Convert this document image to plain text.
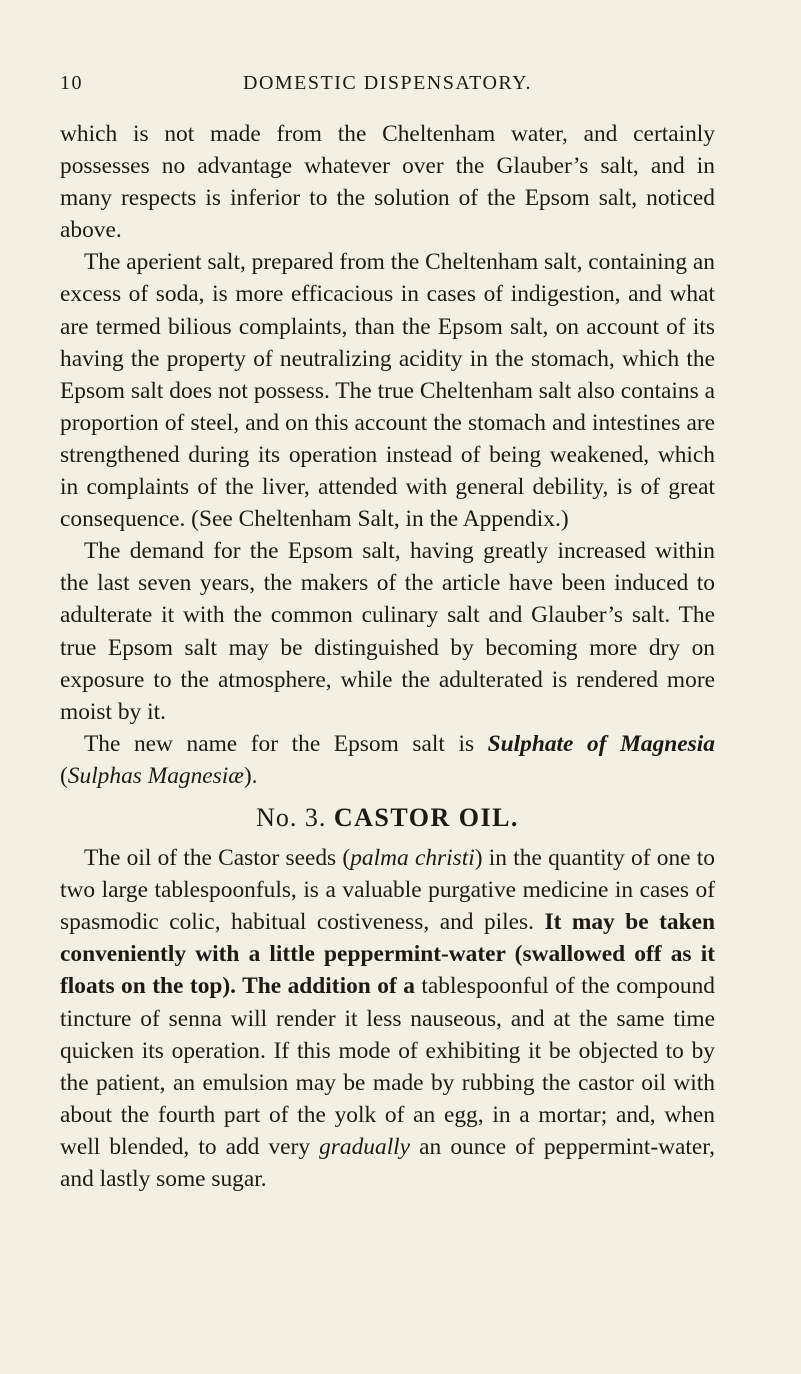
10	DOMESTIC DISPENSATORY.

which is not made from the Cheltenham water, and certainly possesses no advantage whatever over the Glauber’s salt, and in many respects is inferior to the solution of the Epsom salt, noticed above.

The aperient salt, prepared from the Cheltenham salt, containing an excess of soda, is more efficacious in cases of indigestion, and what are termed bilious complaints, than the Epsom salt, on account of its having the property of neutralizing acidity in the stomach, which the Epsom salt does not possess. The true Cheltenham salt also contains a proportion of steel, and on this account the stomach and intestines are strengthened during its operation instead of being weakened, which in complaints of the liver, attended with general debility, is of great consequence. (See Cheltenham Salt, in the Appendix.)

The demand for the Epsom salt, having greatly increased within the last seven years, the makers of the article have been induced to adulterate it with the common culinary salt and Glauber’s salt. The true Epsom salt may be distinguished by becoming more dry on exposure to the atmosphere, while the adulterated is rendered more moist by it.

The new name for the Epsom salt is Sulphate of Magnesia (Sulphas Magnesiæ).

No. 3. CASTOR OIL.

The oil of the Castor seeds (palma christi) in the quantity of one to two large tablespoonfuls, is a valuable purgative medicine in cases of spasmodic colic, habitual costiveness, and piles. It may be taken conveniently with a little peppermint-water (swallowed off as it floats on the top). The addition of a tablespoonful of the compound tincture of senna will render it less nauseous, and at the same time quicken its operation. If this mode of exhibiting it be objected to by the patient, an emulsion may be made by rubbing the castor oil with about the fourth part of the yolk of an egg, in a mortar; and, when well blended, to add very gradually an ounce of peppermint-water, and lastly some sugar.
